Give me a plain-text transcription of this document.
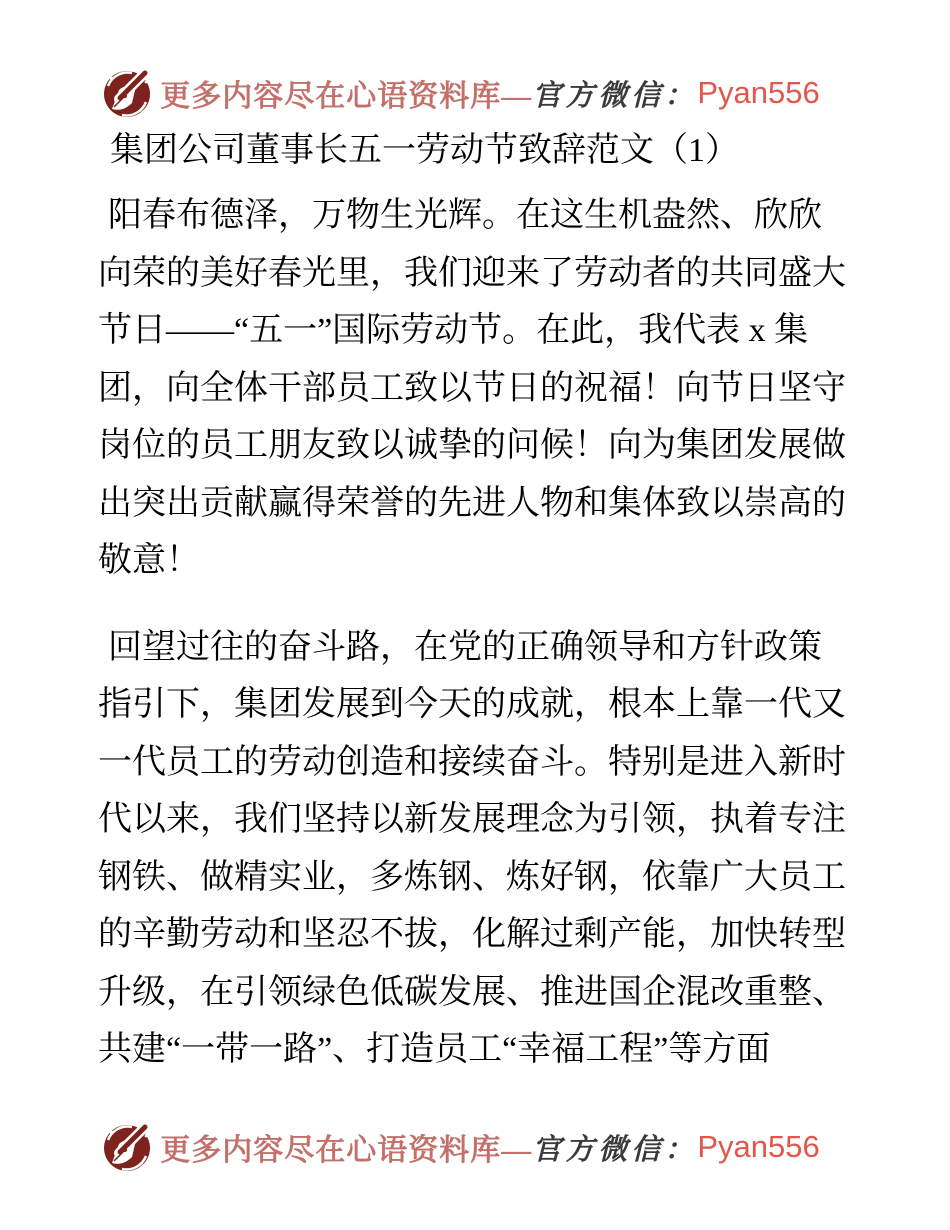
更多内容尽在心语资料库— 官方微信： Pyan556
集团公司董事长五一劳动节致辞范文（1）
阳春布德泽，万物生光辉。在这生机盎然、欣欣
向荣的美好春光里，我们迎来了劳动者的共同盛大
节日——“五一”国际劳动节。在此，我代表 x 集
团，向全体干部员工致以节日的祝福！向节日坚守
岗位的员工朋友致以诚挚的问候！向为集团发展做
出突出贡献赢得荣誉的先进人物和集体致以崇高的
敬意！
回望过往的奋斗路，在党的正确领导和方针政策
指引下，集团发展到今天的成就，根本上靠一代又
一代员工的劳动创造和接续奋斗。特别是进入新时
代以来，我们坚持以新发展理念为引领，执着专注
钢铁、做精实业，多炼钢、炼好钢，依靠广大员工
的辛勤劳动和坚忍不拔，化解过剩产能，加快转型
升级，在引领绿色低碳发展、推进国企混改重整、
共建“一带一路”、打造员工“幸福工程”等方面
更多内容尽在心语资料库— 官方微信： Pyan556
